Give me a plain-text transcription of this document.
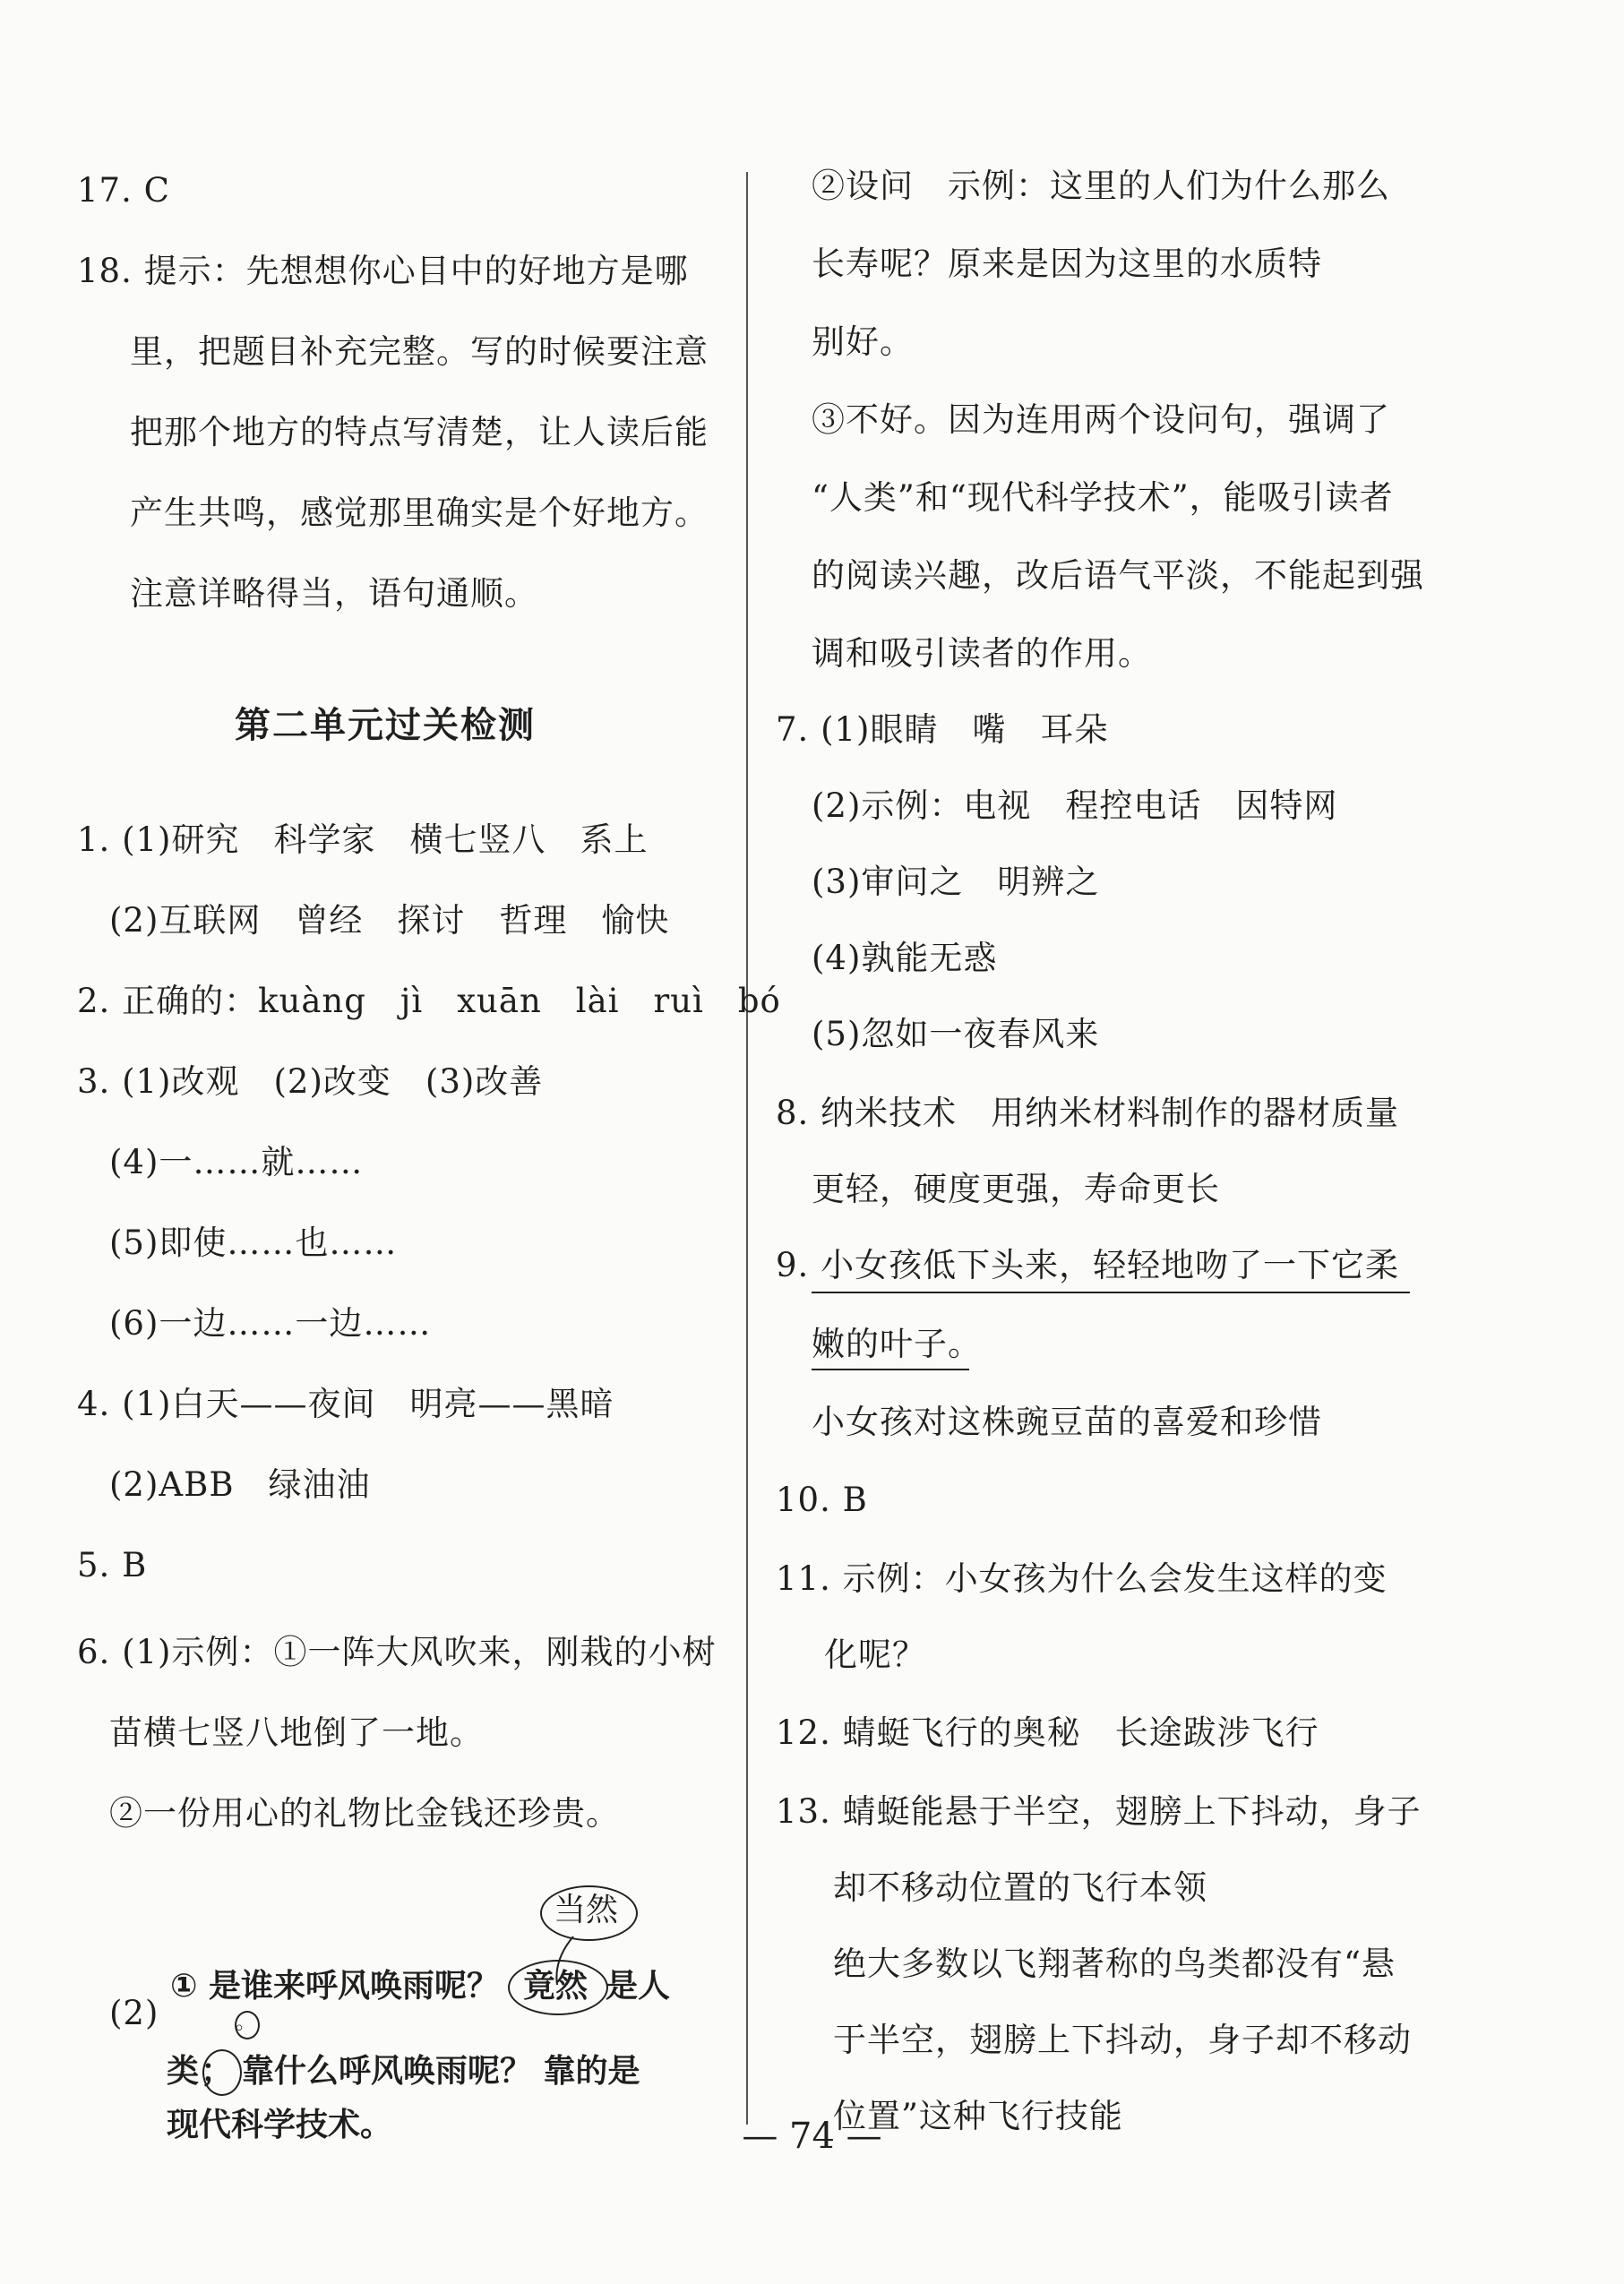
17. C
18. 提示：先想想你心目中的好地方是哪
里，把题目补充完整。写的时候要注意
把那个地方的特点写清楚，让人读后能
产生共鸣，感觉那里确实是个好地方。
注意详略得当，语句通顺。
第二单元过关检测
1. (1)研究　科学家　横七竖八　系上
(2)互联网　曾经　探讨　哲理　愉快
2. 正确的：kuàng　jì　xuān　lài　ruì　bó
3. (1)改观　(2)改变　(3)改善
(4)一……就……
(5)即使……也……
(6)一边……一边……
4. (1)白天——夜间　明亮——黑暗
(2)ABB　绿油油
5. B
6. (1)示例：①一阵大风吹来，刚栽的小树
苗横七竖八地倒了一地。
②一份用心的礼物比金钱还珍贵。
当然
(2)
① 是谁来呼风唤雨呢？ 竟然 是人
。
类 ； 靠什么呼风唤雨呢？ 靠的是
现代科学技术。
②设问　示例：这里的人们为什么那么
长寿呢？原来是因为这里的水质特
别好。
③不好。因为连用两个设问句，强调了
“人类”和“现代科学技术”，能吸引读者
的阅读兴趣，改后语气平淡，不能起到强
调和吸引读者的作用。
7. (1)眼睛　嘴　耳朵
(2)示例：电视　程控电话　因特网
(3)审问之　明辨之
(4)孰能无惑
(5)忽如一夜春风来
8. 纳米技术　用纳米材料制作的器材质量
更轻，硬度更强，寿命更长
9. 小女孩低下头来，轻轻地吻了一下它柔
嫩的叶子。
小女孩对这株豌豆苗的喜爱和珍惜
10. B
11. 示例：小女孩为什么会发生这样的变
化呢？
12. 蜻蜓飞行的奥秘　长途跋涉飞行
13. 蜻蜓能悬于半空，翅膀上下抖动，身子
却不移动位置的飞行本领
绝大多数以飞翔著称的鸟类都没有“悬
于半空，翅膀上下抖动，身子却不移动
位置”这种飞行技能
— 74 —
